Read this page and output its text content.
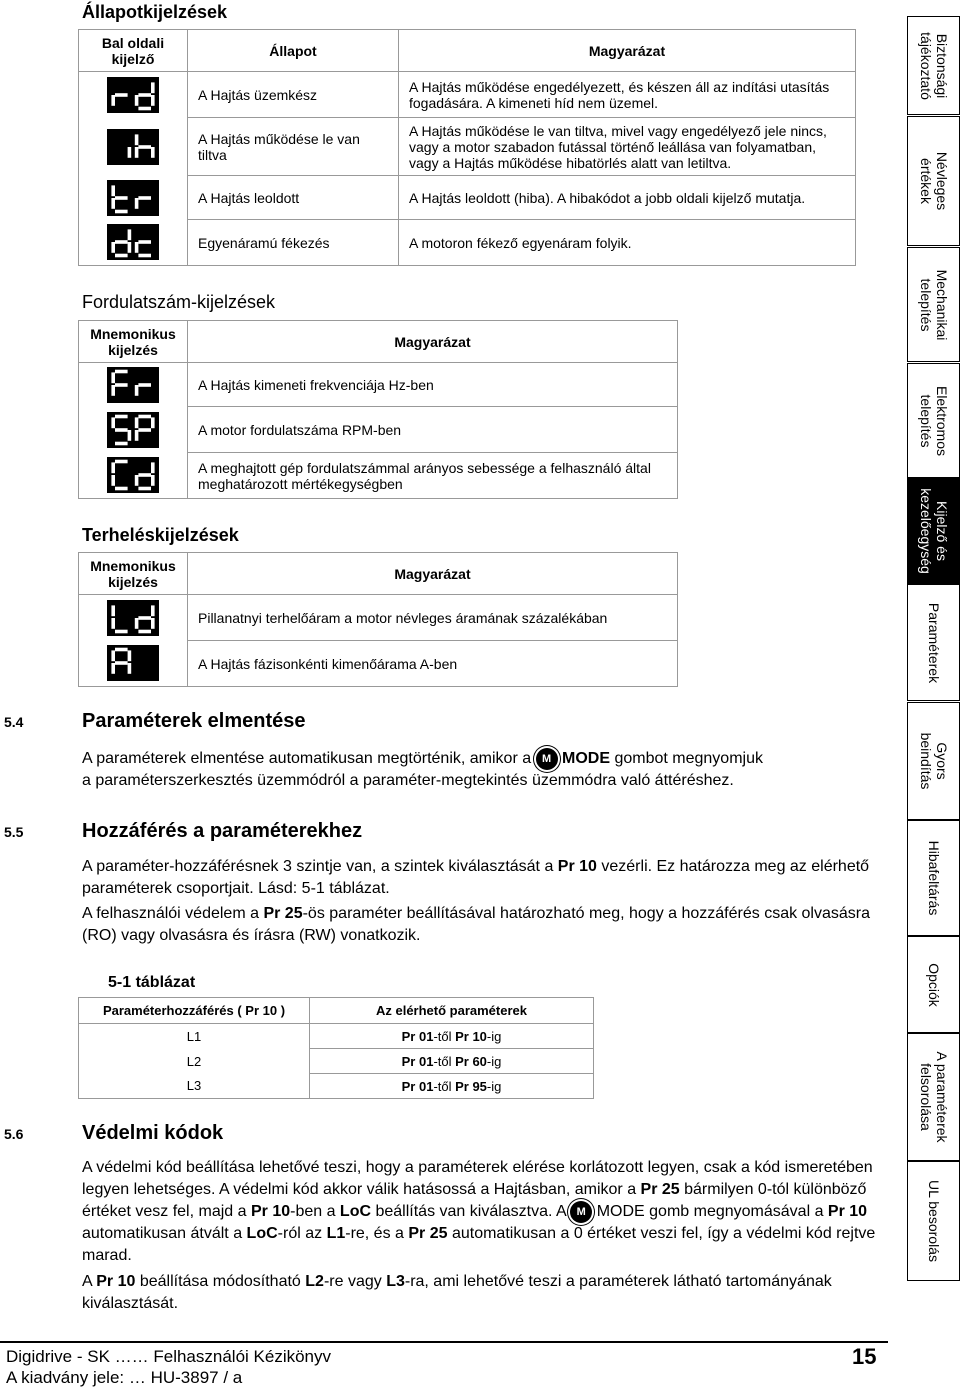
Állapotkijelzések
Bal oldali kijelző	Állapot	Magyarázat

	A Hajtás üzemkész	A Hajtás működése engedélyezett, és készen áll az indítási utasítás fogadására. A kimeneti híd nem üzemel.

	A Hajtás működése le van tiltva	A Hajtás működése le van tiltva, mivel vagy engedélyező jele nincs, vagy a motor szabadon futással történő leállása van folyamatban, vagy a Hajtás működése hibatörlés alatt van letiltva.

	A Hajtás leoldott	A Hajtás leoldott (hiba). A hibakódot a jobb oldali kijelző mutatja.

	Egyenáramú fékezés	A motoron fékező egyenáram folyik.
Fordulatszám-kijelzések
Mnemonikus kijelzés	Magyarázat

	A Hajtás kimeneti frekvenciája Hz-ben

	A motor fordulatszáma RPM-ben

	A meghajtott gép fordulatszámmal arányos sebessége a felhasználó által meghatározott mértékegységben
Terheléskijelzések
Mnemonikus kijelzés	Magyarázat

	Pillanatnyi terhelőáram a motor névleges áramának százalékában

	A Hajtás fázisonkénti kimenőárama A-ben
5.4	Paraméterek elmentése
A paraméterek elmentése automatikusan megtörténik, amikor a M MODE gombot megnyomjuk
a paraméterszerkesztés üzemmódról a paraméter-megtekintés üzemmódra való áttéréshez.
5.5	Hozzáférés a paraméterekhez
A paraméter-hozzáférésnek 3 szintje van, a szintek kiválasztását a Pr 10 vezérli. Ez határozza meg az elérhető paraméterek csoportjait. Lásd: 5-1 táblázat.
A felhasználói védelem a Pr 25-ös paraméter beállításával határozható meg, hogy a hozzáférés csak olvasásra (RO) vagy olvasásra és írásra (RW) vonatkozik.
5-1 táblázat
Paraméterhozzáférés ( Pr 10 )	Az elérhető paraméterek
L1	Pr 01-től Pr 10-ig
L2	Pr 01-től Pr 60-ig
L3	Pr 01-től Pr 95-ig
5.6	Védelmi kódok
A védelmi kód beállítása lehetővé teszi, hogy a paraméterek elérése korlátozott legyen, csak a kód ismeretében legyen lehetséges. A védelmi kód akkor válik hatásossá a Hajtásban, amikor a Pr 25 bármilyen 0-tól különböző értéket vesz fel, majd a Pr 10-ben a LoC beállítás van kiválasztva. A M MODE gomb megnyomásával a Pr 10 automatikusan átvált a LoC-ról az L1-re, és a Pr 25 automatikusan a 0 értéket veszi fel, így a védelmi kód rejtve marad.
A Pr 10 beállítása módosítható L2-re vagy L3-ra, ami lehetővé teszi a paraméterek látható tartományának kiválasztását.
Digidrive - SK …… Felhasználói Kézikönyv
A kiadvány jele: … HU-3897 / a
15
Biztonsági
tájékoztató
Névleges
értékek
Mechanikai
telepítés
Elektromos
telepítés
Kijelző és
kezelőegység
Paraméterek
Gyors
beindítás
Hibafeltárás
Opciók
A paraméterek
felsorolása
UL besorolás
